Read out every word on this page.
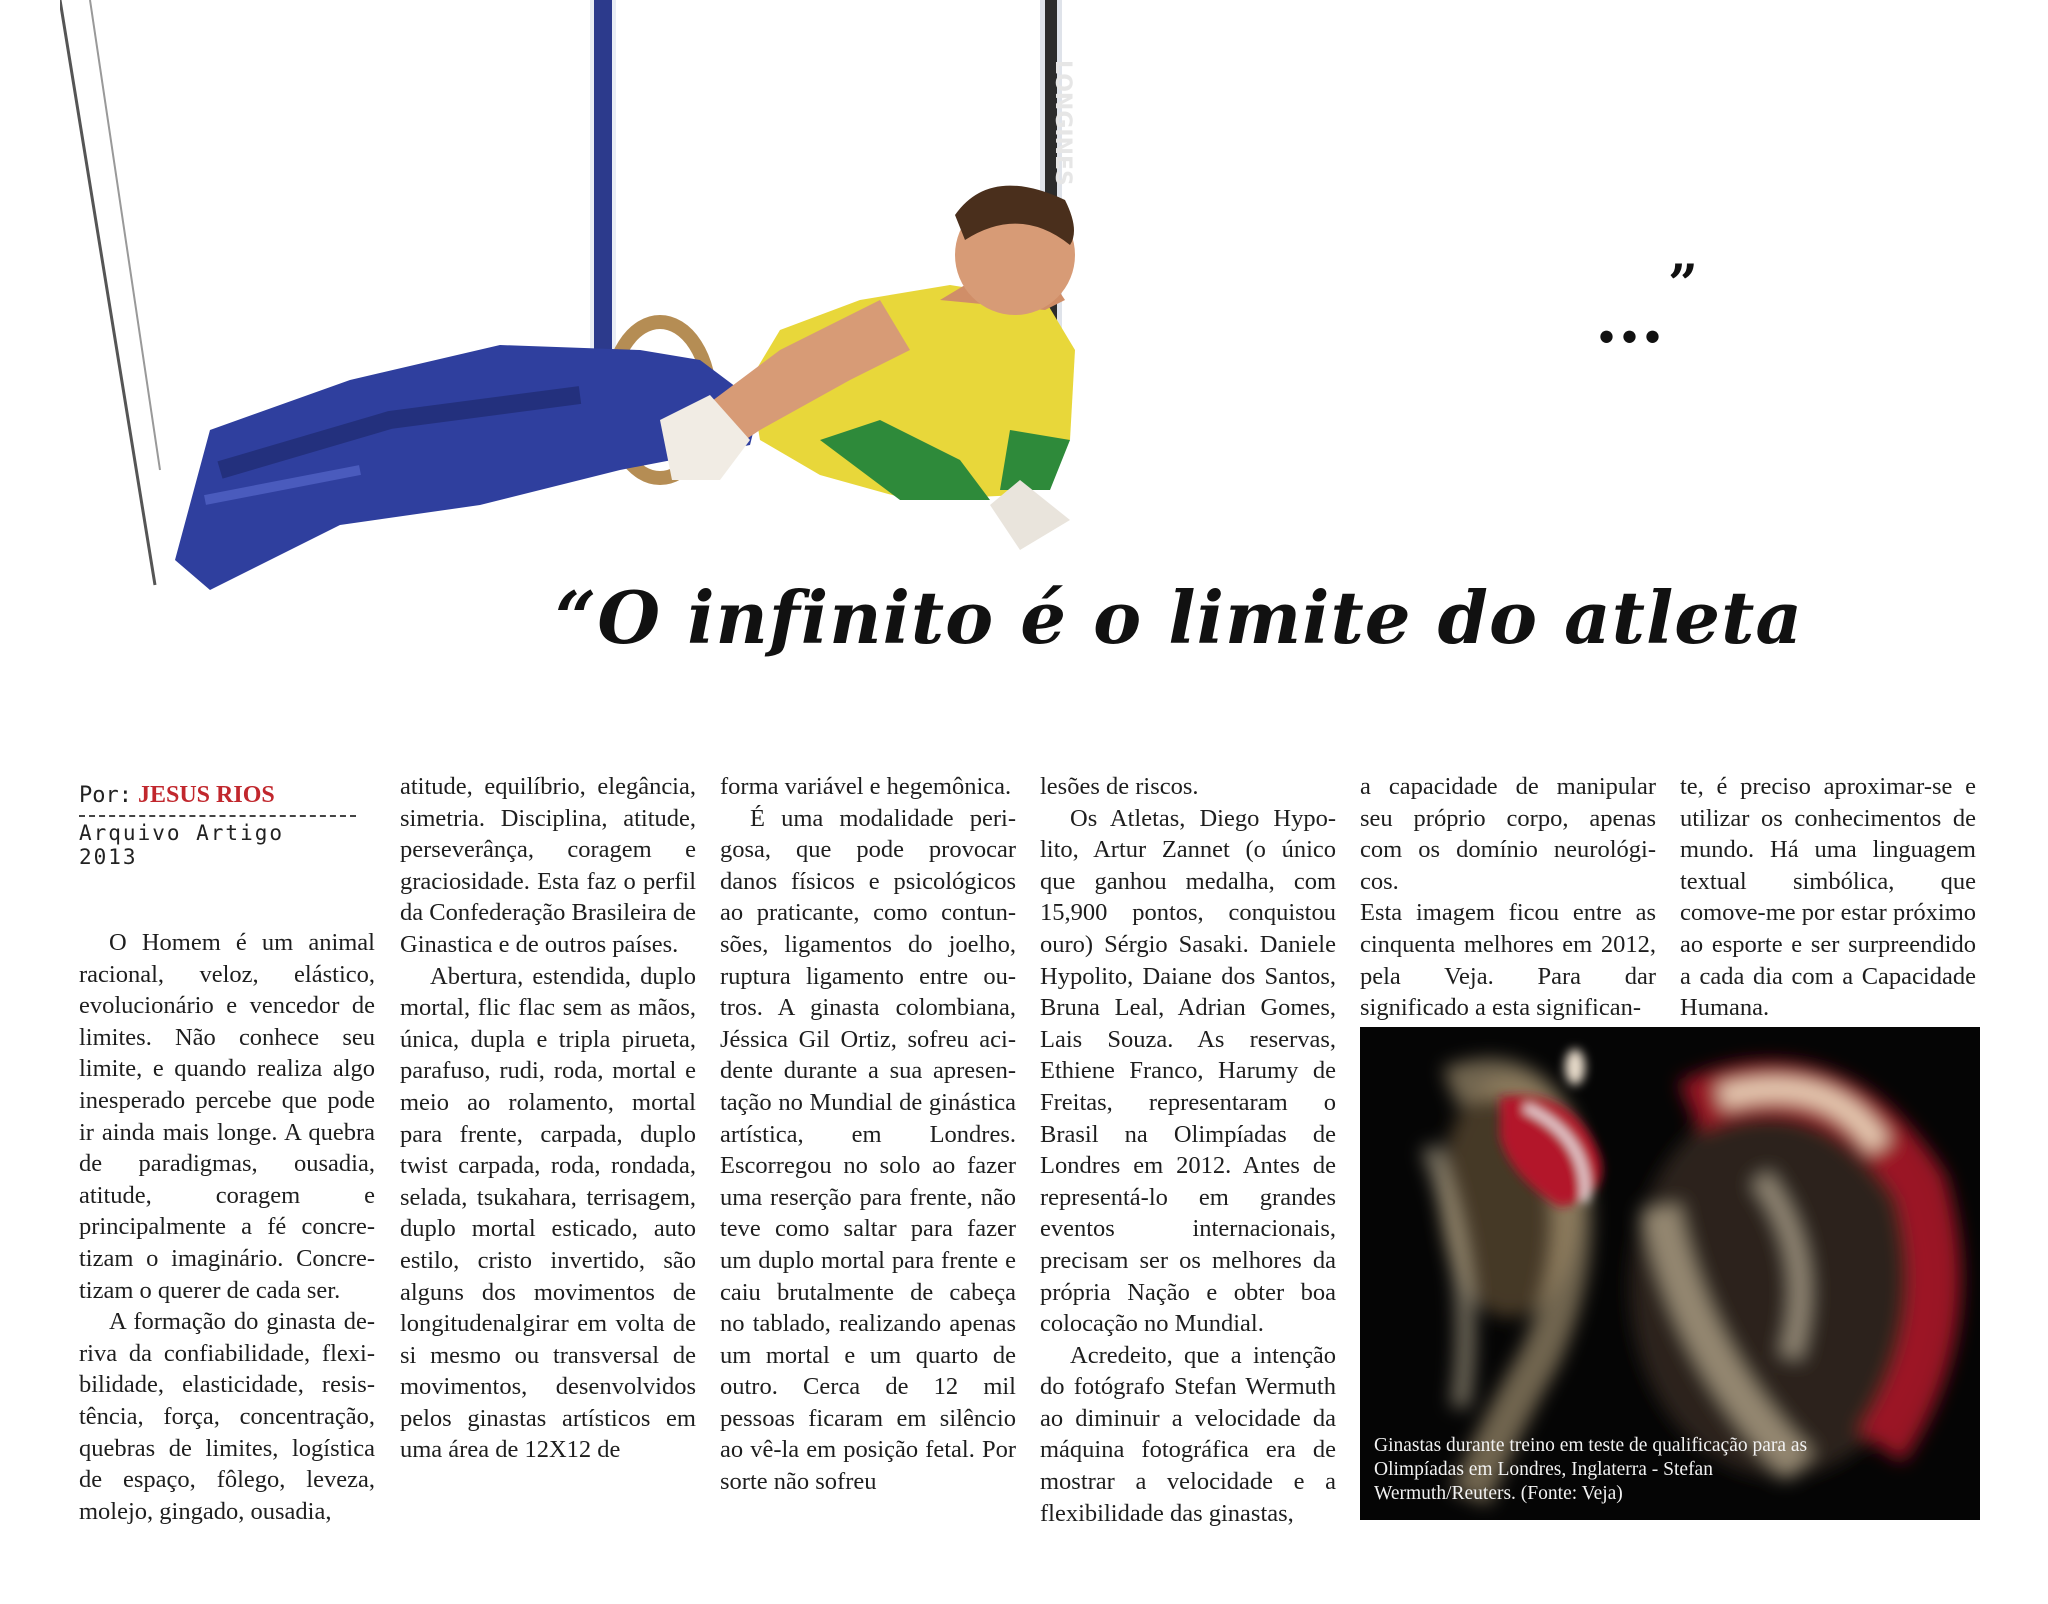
LONGINES
...”
“O infinito é o limite do atleta
Por: JESUS RIOS
Arquivo Artigo 2013

O Homem é um animal racional, veloz, elástico, evolucionário e vencedor de limites. Não conhece seu limite, e quando realiza algo inesperado percebe que pode ir ainda mais longe. A quebra de paradigmas, ousadia, atitude, coragem e principalmente a fé concretizam o imaginário. Concretizam o querer de cada ser.

A formação do ginasta deriva da confiabilidade, flexibilidade, elasticidade, resistência, força, concentração, quebras de limites, logística de espaço, fôlego, leveza, molejo, gingado, ousadia,

atitude, equilíbrio, elegância, simetria. Disciplina, atitude, perseverânça, coragem e graciosidade. Esta faz o perfil da Confederação Brasileira de Ginastica e de outros países.

Abertura, estendida, duplo mortal, flic flac sem as mãos, única, dupla e tripla pirueta, parafuso, rudi, roda, mortal e meio ao rolamento, mortal para frente, carpada, duplo twist carpada, roda, rondada, selada, tsukahara, terrisagem, duplo mortal esticado, auto estilo, cristo invertido, são alguns dos movimentos de longitudenalgirar em volta de si mesmo ou transversal de movimentos, desenvolvidos pelos ginastas artísticos em uma área de 12X12 de

forma variável e hegemônica.

É uma modalidade perigosa, que pode provocar danos físicos e psicológicos ao praticante, como contunsões, ligamentos do joelho, ruptura ligamento entre outros. A ginasta colombiana, Jéssica Gil Ortiz, sofreu acidente durante a sua apresentação no Mundial de ginástica artística, em Londres. Escorregou no solo ao fazer uma reserção para frente, não teve como saltar para fazer um duplo mortal para frente e caiu brutalmente de cabeça no tablado, realizando apenas um mortal e um quarto de outro. Cerca de 12 mil pessoas ficaram em silêncio ao vê-la em posição fetal. Por sorte não sofreu

lesões de riscos.

Os Atletas, Diego Hypolito, Artur Zannet (o único que ganhou medalha, com 15,900 pontos, conquistou ouro) Sérgio Sasaki. Daniele Hypolito, Daiane dos Santos, Bruna Leal, Adrian Gomes, Lais Souza. As reservas, Ethiene Franco, Harumy de Freitas, representaram o Brasil na Olimpíadas de Londres em 2012. Antes de representá-lo em grandes eventos internacionais, precisam ser os melhores da própria Nação e obter boa colocação no Mundial.

Acredeito, que a intenção do fotógrafo Stefan Wermuth ao diminuir a velocidade da máquina fotográfica era de mostrar a velocidade e a flexibilidade das ginastas,

a capacidade de manipular seu próprio corpo, apenas com os domínio neurológicos.

Esta imagem ficou entre as cinquenta melhores em 2012, pela Veja. Para dar significado a esta significan-

te, é preciso aproximar-se e utilizar os conhecimentos de mundo. Há uma linguagem textual simbólica, que comove-me por estar próximo ao esporte e ser surpreendido a cada dia com a Capacidade Humana.

Ginastas durante treino em teste de qualificação para as Olimpíadas em Londres, Inglaterra - Stefan Wermuth/Reuters. (Fonte: Veja)
